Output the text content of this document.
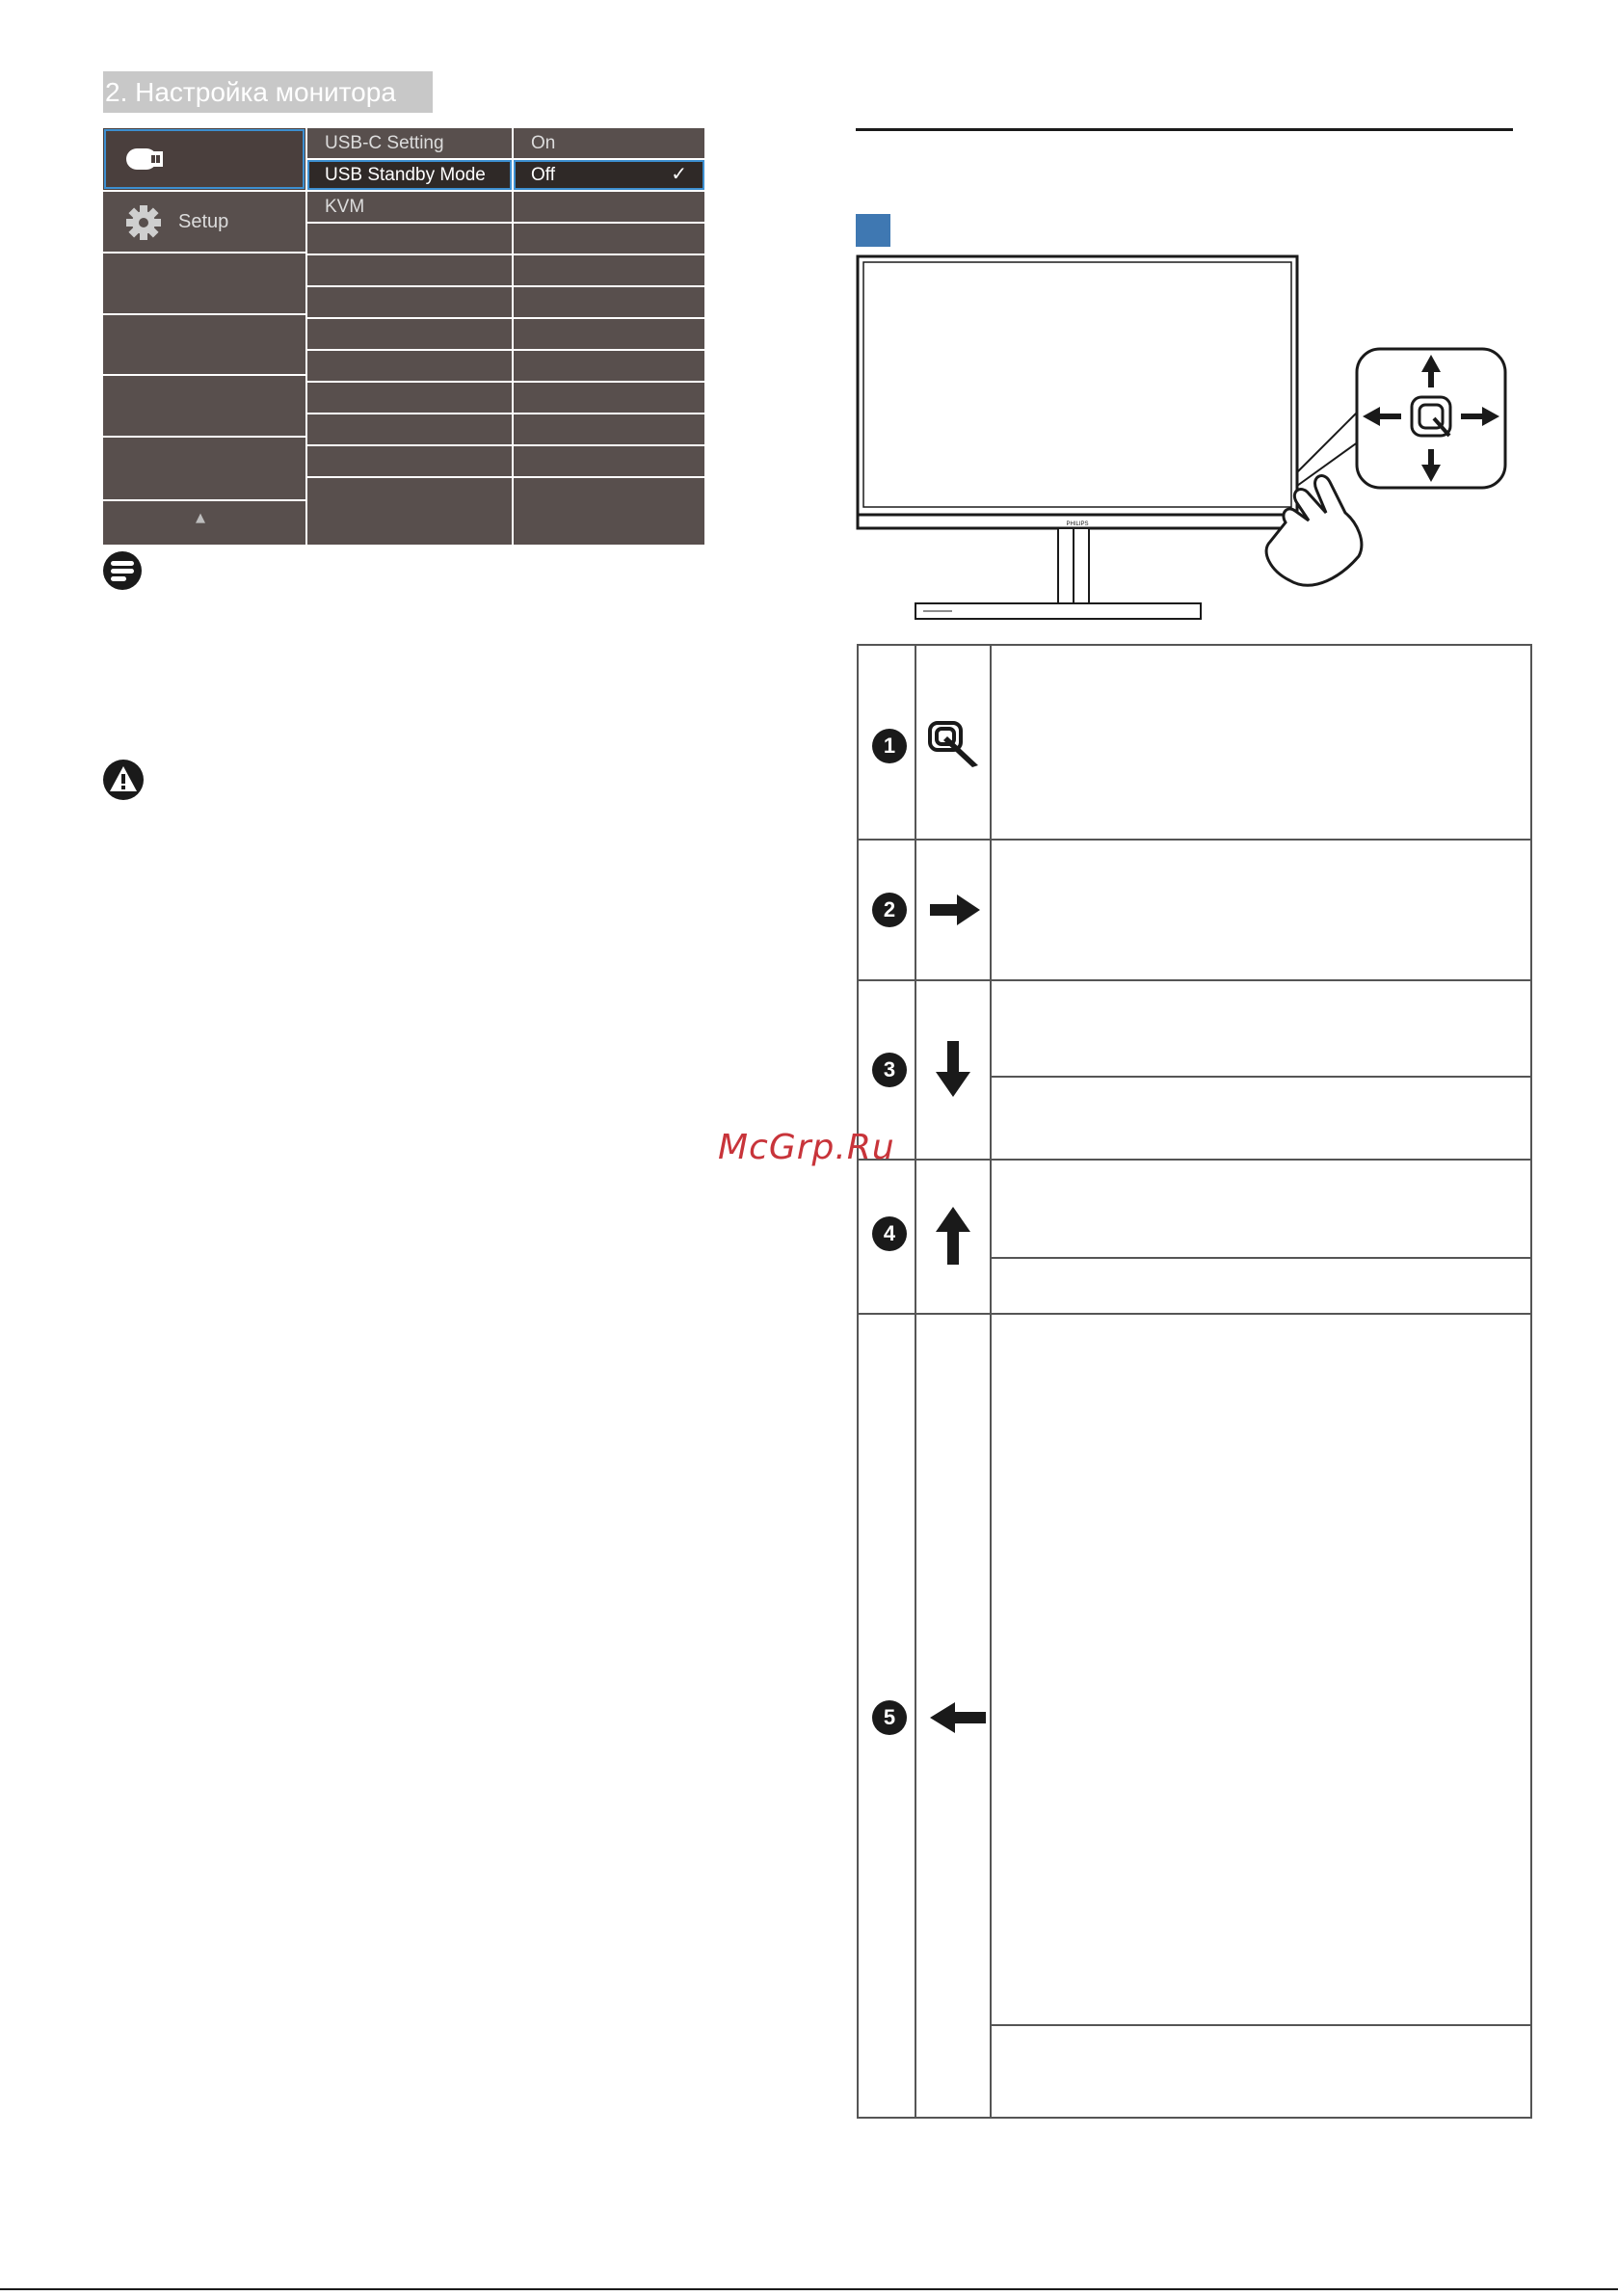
2. Настройка монитора
Setup
▲
USB-C Setting
USB Standby Mode
KVM
On
Off	✓
PHILIPS
1
2
3
4
5
McGrp.Ru
